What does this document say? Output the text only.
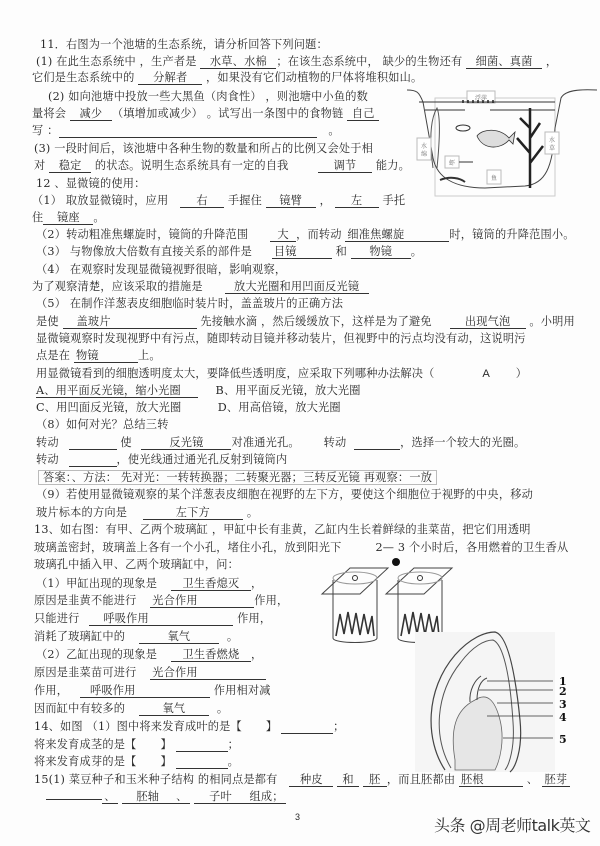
11．右图为一个池塘的生态系统，请分析回答下列问题：
(1) 在此生态系统中 ，生产者是 水草、水棉 ；在该生态系统中， 缺少的生物还有 细菌、真菌 ，
它们是生态系统中的 分解者 ，如果没有它们动植物的尸体将堆积如山。
(2) 如向池塘中投放一些大黑鱼（肉食性） ，则池塘中小鱼的数
量将会 减少 （填增加或减少） 。试写出一条图中的食物链 自己
写 ：	。
(3) 一段时间后，该池塘中各种生物的数量和所占的比例又会处于相
对 稳定 的状态。说明生态系统具有一定的自我	调节 能力。
浮萍
水
绵
虾
鱼
水
草
12 、显微镜的使用：
（1） 取放显微镜时，应用	右 手握住 镜臂 ， 左 手托
住 镜座 。
（2）转动粗准焦螺旋时，镜筒的升降范围	大 ，而转动 细准焦螺旋	时，镜筒的升降范围小。
（3） 与物像放大倍数有直接关系的部件是 目镜	和 物镜 。
（4） 在观察时发现显微镜视野很暗，影响观察，
为了观察清楚，应该采取的措施是	放大光圈和用凹面反光镜
（5） 在制作洋葱表皮细胞临时装片时，盖盖玻片的正确方法
是使 盖玻片	先接触水滴 ，然后缓缓放下，这样是为了避免	出现气泡 。小明用
显微镜观察时发现视野中有污点，随即转动目镜并移动装片，但视野中的污点均没有动，这说明污
点是在 物镜	上。
用显微镜看到的细胞透明度太大，要降低些透明度，应采取下列哪种办法解决（	A ）
A、用平面反光镜，缩小光圈	B、用平面反光镜，放大光圈
C、用凹面反光镜，放大光圈	D、用高倍镜，放大光圈
（8）如何对光？总结三转
转动	使	反光镜 对准通光孔。 转动	，选择一个较大的光圈。
转动	，使光线通过通光孔反射到镜筒内
答案：、方法： 先对光：一转转换器；二转聚光器；三转反光镜 再观察：一放
（9）若使用显微镜观察的某个洋葱表皮细胞在视野的左下方，要使这个细胞位于视野的中央，移动
玻片标本的方向是	左下方	。
13、如右图：有甲、乙两个玻璃缸 ，甲缸中长有韭黄，乙缸内生长着鲜绿的韭菜苗，把它们用透明
玻璃盖密封，玻璃盖上各有一个小孔，堵住小孔，放到阳光下	2— 3 个小时后，各用燃着的卫生香从
玻璃孔中插入甲、乙两个玻璃缸中，问：
（1）甲缸出现的现象是 卫生香熄灭 ，
原因是韭黄不能进行 光合作用	作用，
只能进行 呼吸作用	作用，
消耗了玻璃缸中的	氧气	。
（2）乙缸出现的现象是 卫生香燃烧 ，
原因是韭菜苗可进行 光合作用
作用， 呼吸作用	作用相对减
因而缸中有较多的	氧气	。
14、如图 （1）图中将来发育成叶的是【 】	；
将来发育成茎的是【 】	；
将来发育成芽的是【 】	。
1
2
3
4
5
15(1) 菜豆种子和玉米种子结构 的相同点是都有 种皮 和 胚 ，而且胚都由 胚根	、 胚芽
、 胚轴 、 子叶 组成；
3	头条 @周老师talk英文
